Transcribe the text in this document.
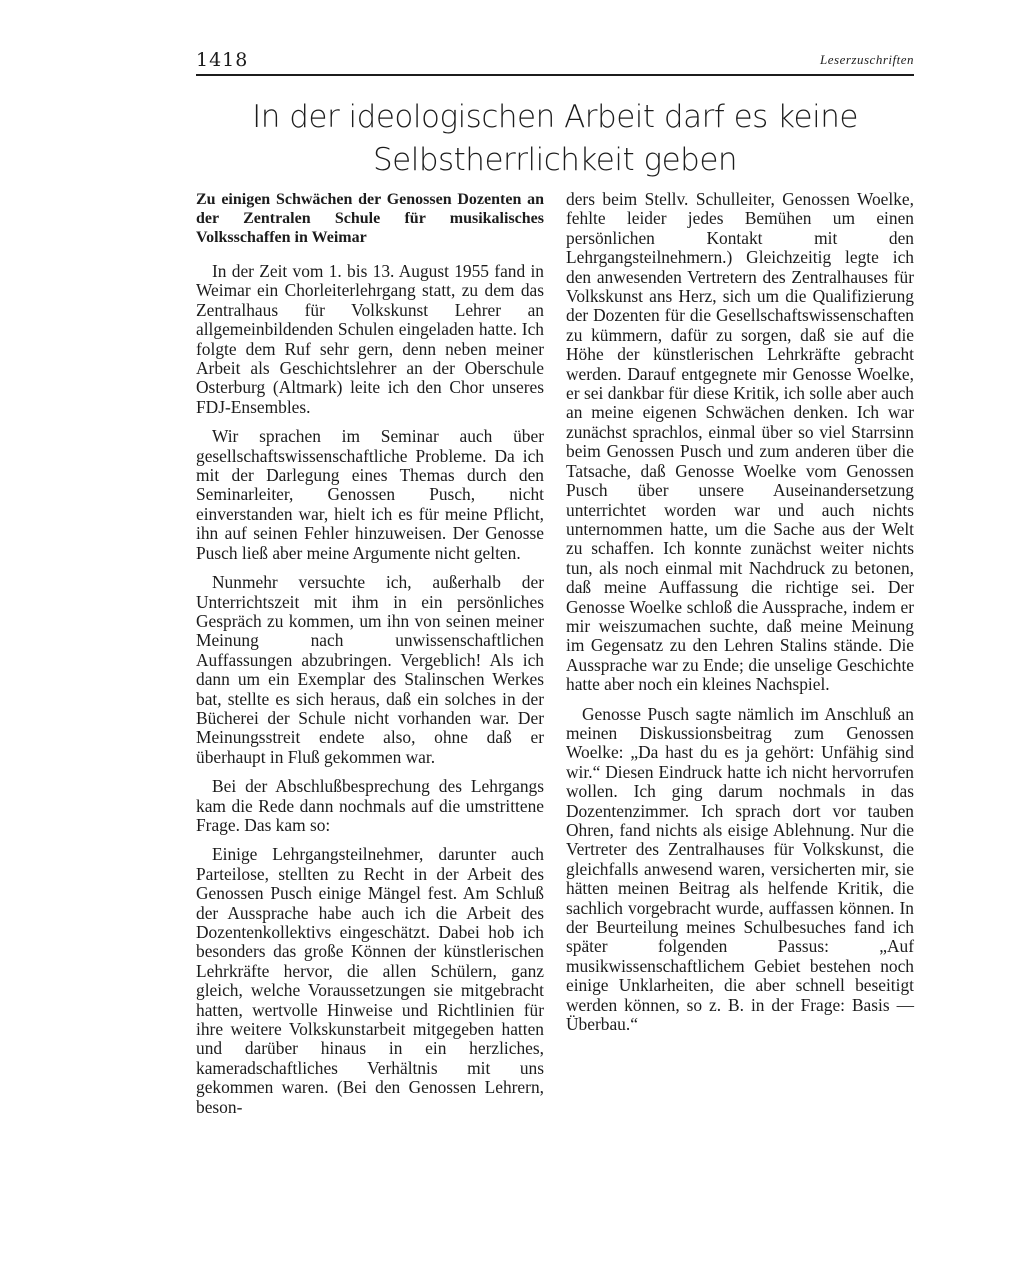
1418	Leserzuschriften
In der ideologischen Arbeit darf es keine
Selbstherrlichkeit geben

Zu einigen Schwächen der Genossen Dozenten an der Zentralen Schule für musikalisches Volksschaffen in Weimar

In der Zeit vom 1. bis 13. August 1955 fand in Weimar ein Chorleiterlehrgang statt, zu dem das Zentralhaus für Volkskunst Lehrer an allgemeinbildenden Schulen eingeladen hatte. Ich folgte dem Ruf sehr gern, denn neben meiner Arbeit als Geschichtslehrer an der Oberschule Osterburg (Altmark) leite ich den Chor unseres FDJ-Ensembles.

Wir sprachen im Seminar auch über gesellschaftswissenschaftliche Probleme. Da ich mit der Darlegung eines Themas durch den Seminarleiter, Genossen Pusch, nicht einverstanden war, hielt ich es für meine Pflicht, ihn auf seinen Fehler hinzuweisen. Der Genosse Pusch ließ aber meine Argumente nicht gelten.

Nunmehr versuchte ich, außerhalb der Unterrichtszeit mit ihm in ein persönliches Gespräch zu kommen, um ihn von seinen meiner Meinung nach unwissenschaftlichen Auffassungen abzubringen. Vergeblich! Als ich dann um ein Exemplar des Stalinschen Werkes bat, stellte es sich heraus, daß ein solches in der Bücherei der Schule nicht vorhanden war. Der Meinungsstreit endete also, ohne daß er überhaupt in Fluß gekommen war.

Bei der Abschlußbesprechung des Lehrgangs kam die Rede dann nochmals auf die umstrittene Frage. Das kam so:

Einige Lehrgangsteilnehmer, darunter auch Parteilose, stellten zu Recht in der Arbeit des Genossen Pusch einige Mängel fest. Am Schluß der Aussprache habe auch ich die Arbeit des Dozentenkollektivs eingeschätzt. Dabei hob ich besonders das große Können der künstlerischen Lehrkräfte hervor, die allen Schülern, ganz gleich, welche Voraussetzungen sie mitgebracht hatten, wertvolle Hinweise und Richtlinien für ihre weitere Volkskunstarbeit mitgegeben hatten und darüber hinaus in ein herzliches, kameradschaftliches Verhältnis mit uns gekommen waren. (Bei den Genossen Lehrern, beson-

ders beim Stellv. Schulleiter, Genossen Woelke, fehlte leider jedes Bemühen um einen persönlichen Kontakt mit den Lehrgangsteilnehmern.) Gleichzeitig legte ich den anwesenden Vertretern des Zentralhauses für Volkskunst ans Herz, sich um die Qualifizierung der Dozenten für die Gesellschaftswissenschaften zu kümmern, dafür zu sorgen, daß sie auf die Höhe der künstlerischen Lehrkräfte gebracht werden. Darauf entgegnete mir Genosse Woelke, er sei dankbar für diese Kritik, ich solle aber auch an meine eigenen Schwächen denken. Ich war zunächst sprachlos, einmal über so viel Starrsinn beim Genossen Pusch und zum anderen über die Tatsache, daß Genosse Woelke vom Genossen Pusch über unsere Auseinandersetzung unterrichtet worden war und auch nichts unternommen hatte, um die Sache aus der Welt zu schaffen. Ich konnte zunächst weiter nichts tun, als noch einmal mit Nachdruck zu betonen, daß meine Auffassung die richtige sei. Der Genosse Woelke schloß die Aussprache, indem er mir weiszumachen suchte, daß meine Meinung im Gegensatz zu den Lehren Stalins stände. Die Aussprache war zu Ende; die unselige Geschichte hatte aber noch ein kleines Nachspiel.

Genosse Pusch sagte nämlich im Anschluß an meinen Diskussionsbeitrag zum Genossen Woelke: „Da hast du es ja gehört: Unfähig sind wir.“ Diesen Eindruck hatte ich nicht hervorrufen wollen. Ich ging darum nochmals in das Dozentenzimmer. Ich sprach dort vor tauben Ohren, fand nichts als eisige Ablehnung. Nur die Vertreter des Zentralhauses für Volkskunst, die gleichfalls anwesend waren, versicherten mir, sie hätten meinen Beitrag als helfende Kritik, die sachlich vorgebracht wurde, auffassen können. In der Beurteilung meines Schulbesuches fand ich später folgenden Passus: „Auf musikwissenschaftlichem Gebiet bestehen noch einige Unklarheiten, die aber schnell beseitigt werden können, so z. B. in der Frage: Basis — Überbau.“
